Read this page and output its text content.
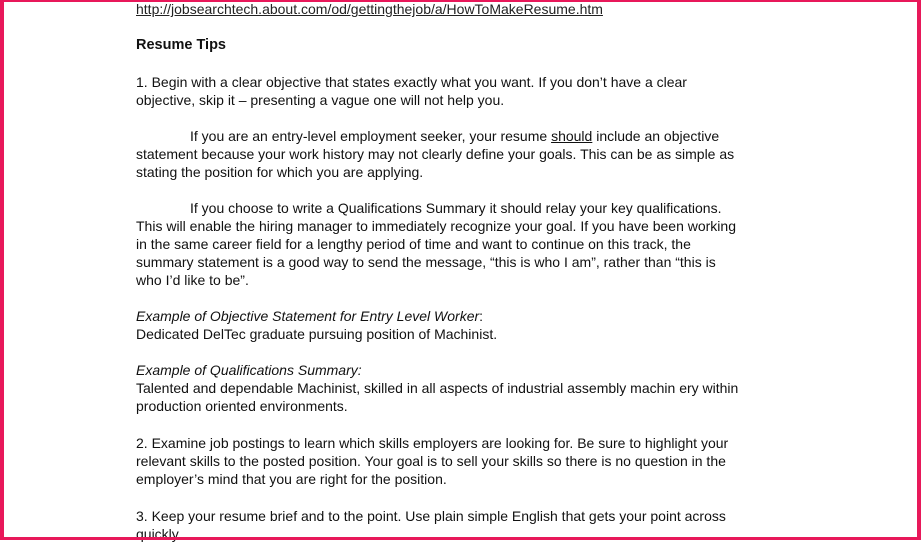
http://jobsearchtech.about.com/od/gettingthejob/a/HowToMakeResume.htm
Resume Tips
1. Begin with a clear objective that states exactly what you want. If you don’t have a clear
objective, skip it – presenting a vague one will not help you.
If you are an entry-level employment seeker, your resume should include an objective
statement because your work history may not clearly define your goals. This can be as simple as
stating the position for which you are applying.
If you choose to write a Qualifications Summary it should relay your key qualifications.
This will enable the hiring manager to immediately recognize your goal. If you have been working
in the same career field for a lengthy period of time and want to continue on this track, the
summary statement is a good way to send the message, “this is who I am”, rather than “this is
who I’d like to be”.
Example of Objective Statement for Entry Level Worker:
Dedicated DelTec graduate pursuing position of Machinist.
Example of Qualifications Summary:
Talented and dependable Machinist, skilled in all aspects of industrial assembly machin ery within
production oriented environments.
2. Examine job postings to learn which skills employers are looking for. Be sure to highlight your
relevant skills to the posted position. Your goal is to sell your skills so there is no question in the
employer’s mind that you are right for the position.
3. Keep your resume brief and to the point. Use plain simple English that gets your point across
quickly.
